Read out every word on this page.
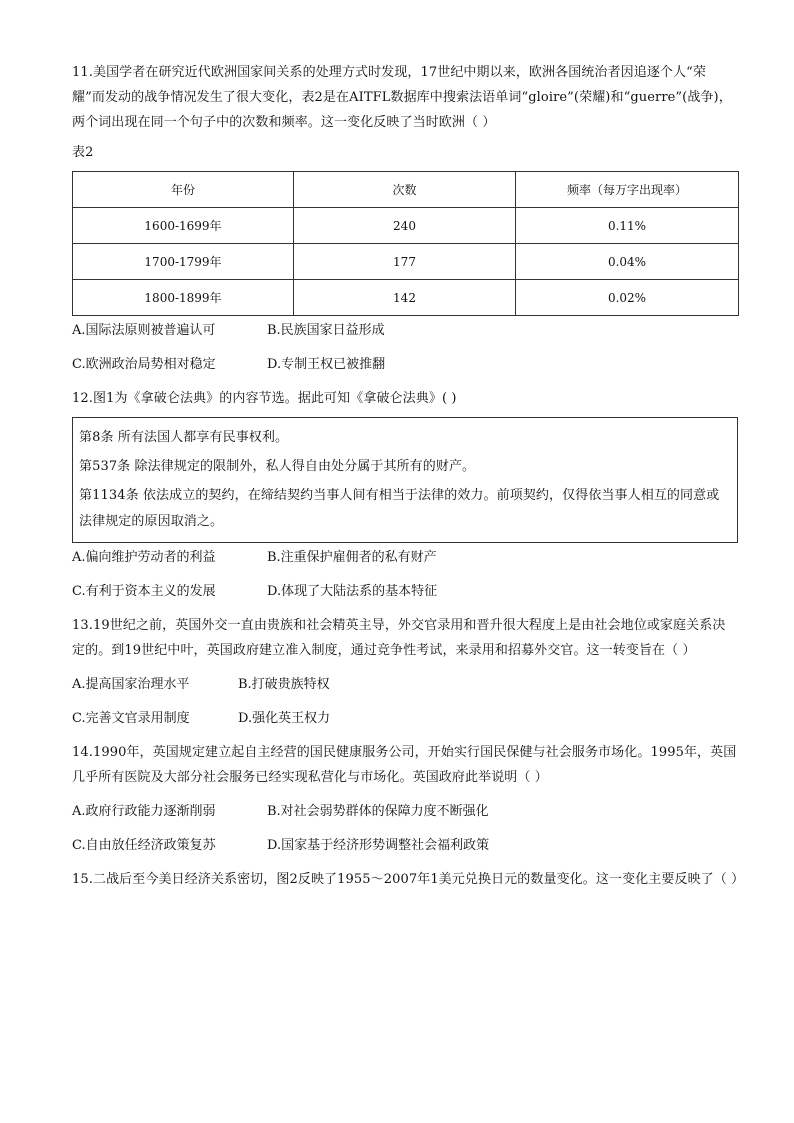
11.美国学者在研究近代欧洲国家间关系的处理方式时发现，17世纪中期以来，欧洲各国统治者因追逐个人“荣耀”而发动的战争情况发生了很大变化，表2是在AITFL数据库中搜索法语单词“gloire”(荣耀)和“guerre”(战争)，两个词出现在同一个句子中的次数和频率。这一变化反映了当时欧洲（ ）

表2

年份	次数	频率（每万字出现率）
1600-1699年	240	0.11%
1700-1799年	177	0.04%
1800-1899年	142	0.02%
A.国际法原则被普遍认可	B.民族国家日益形成
C.欧洲政治局势相对稳定	D.专制王权已被推翻

12.图1为《拿破仑法典》的内容节选。据此可知《拿破仑法典》( )

第8条 所有法国人都享有民事权利。

第537条 除法律规定的限制外，私人得自由处分属于其所有的财产。

第1134条 依法成立的契约，在缔结契约当事人间有相当于法律的效力。前项契约，仅得依当事人相互的同意或法律规定的原因取消之。

A.偏向维护劳动者的利益	B.注重保护雇佣者的私有财产
C.有利于资本主义的发展	D.体现了大陆法系的基本特征

13.19世纪之前，英国外交一直由贵族和社会精英主导，外交官录用和晋升很大程度上是由社会地位或家庭关系决定的。到19世纪中叶，英国政府建立准入制度，通过竞争性考试，来录用和招募外交官。这一转变旨在（ ）

A.提高国家治理水平	B.打破贵族特权
C.完善文官录用制度	D.强化英王权力

14.1990年，英国规定建立起自主经营的国民健康服务公司，开始实行国民保健与社会服务市场化。1995年，英国几乎所有医院及大部分社会服务已经实现私营化与市场化。英国政府此举说明（ ）

A.政府行政能力逐渐削弱	B.对社会弱势群体的保障力度不断强化
C.自由放任经济政策复苏	D.国家基于经济形势调整社会福利政策

15.二战后至今美日经济关系密切，图2反映了1955～2007年1美元兑换日元的数量变化。这一变化主要反映了（ ）
